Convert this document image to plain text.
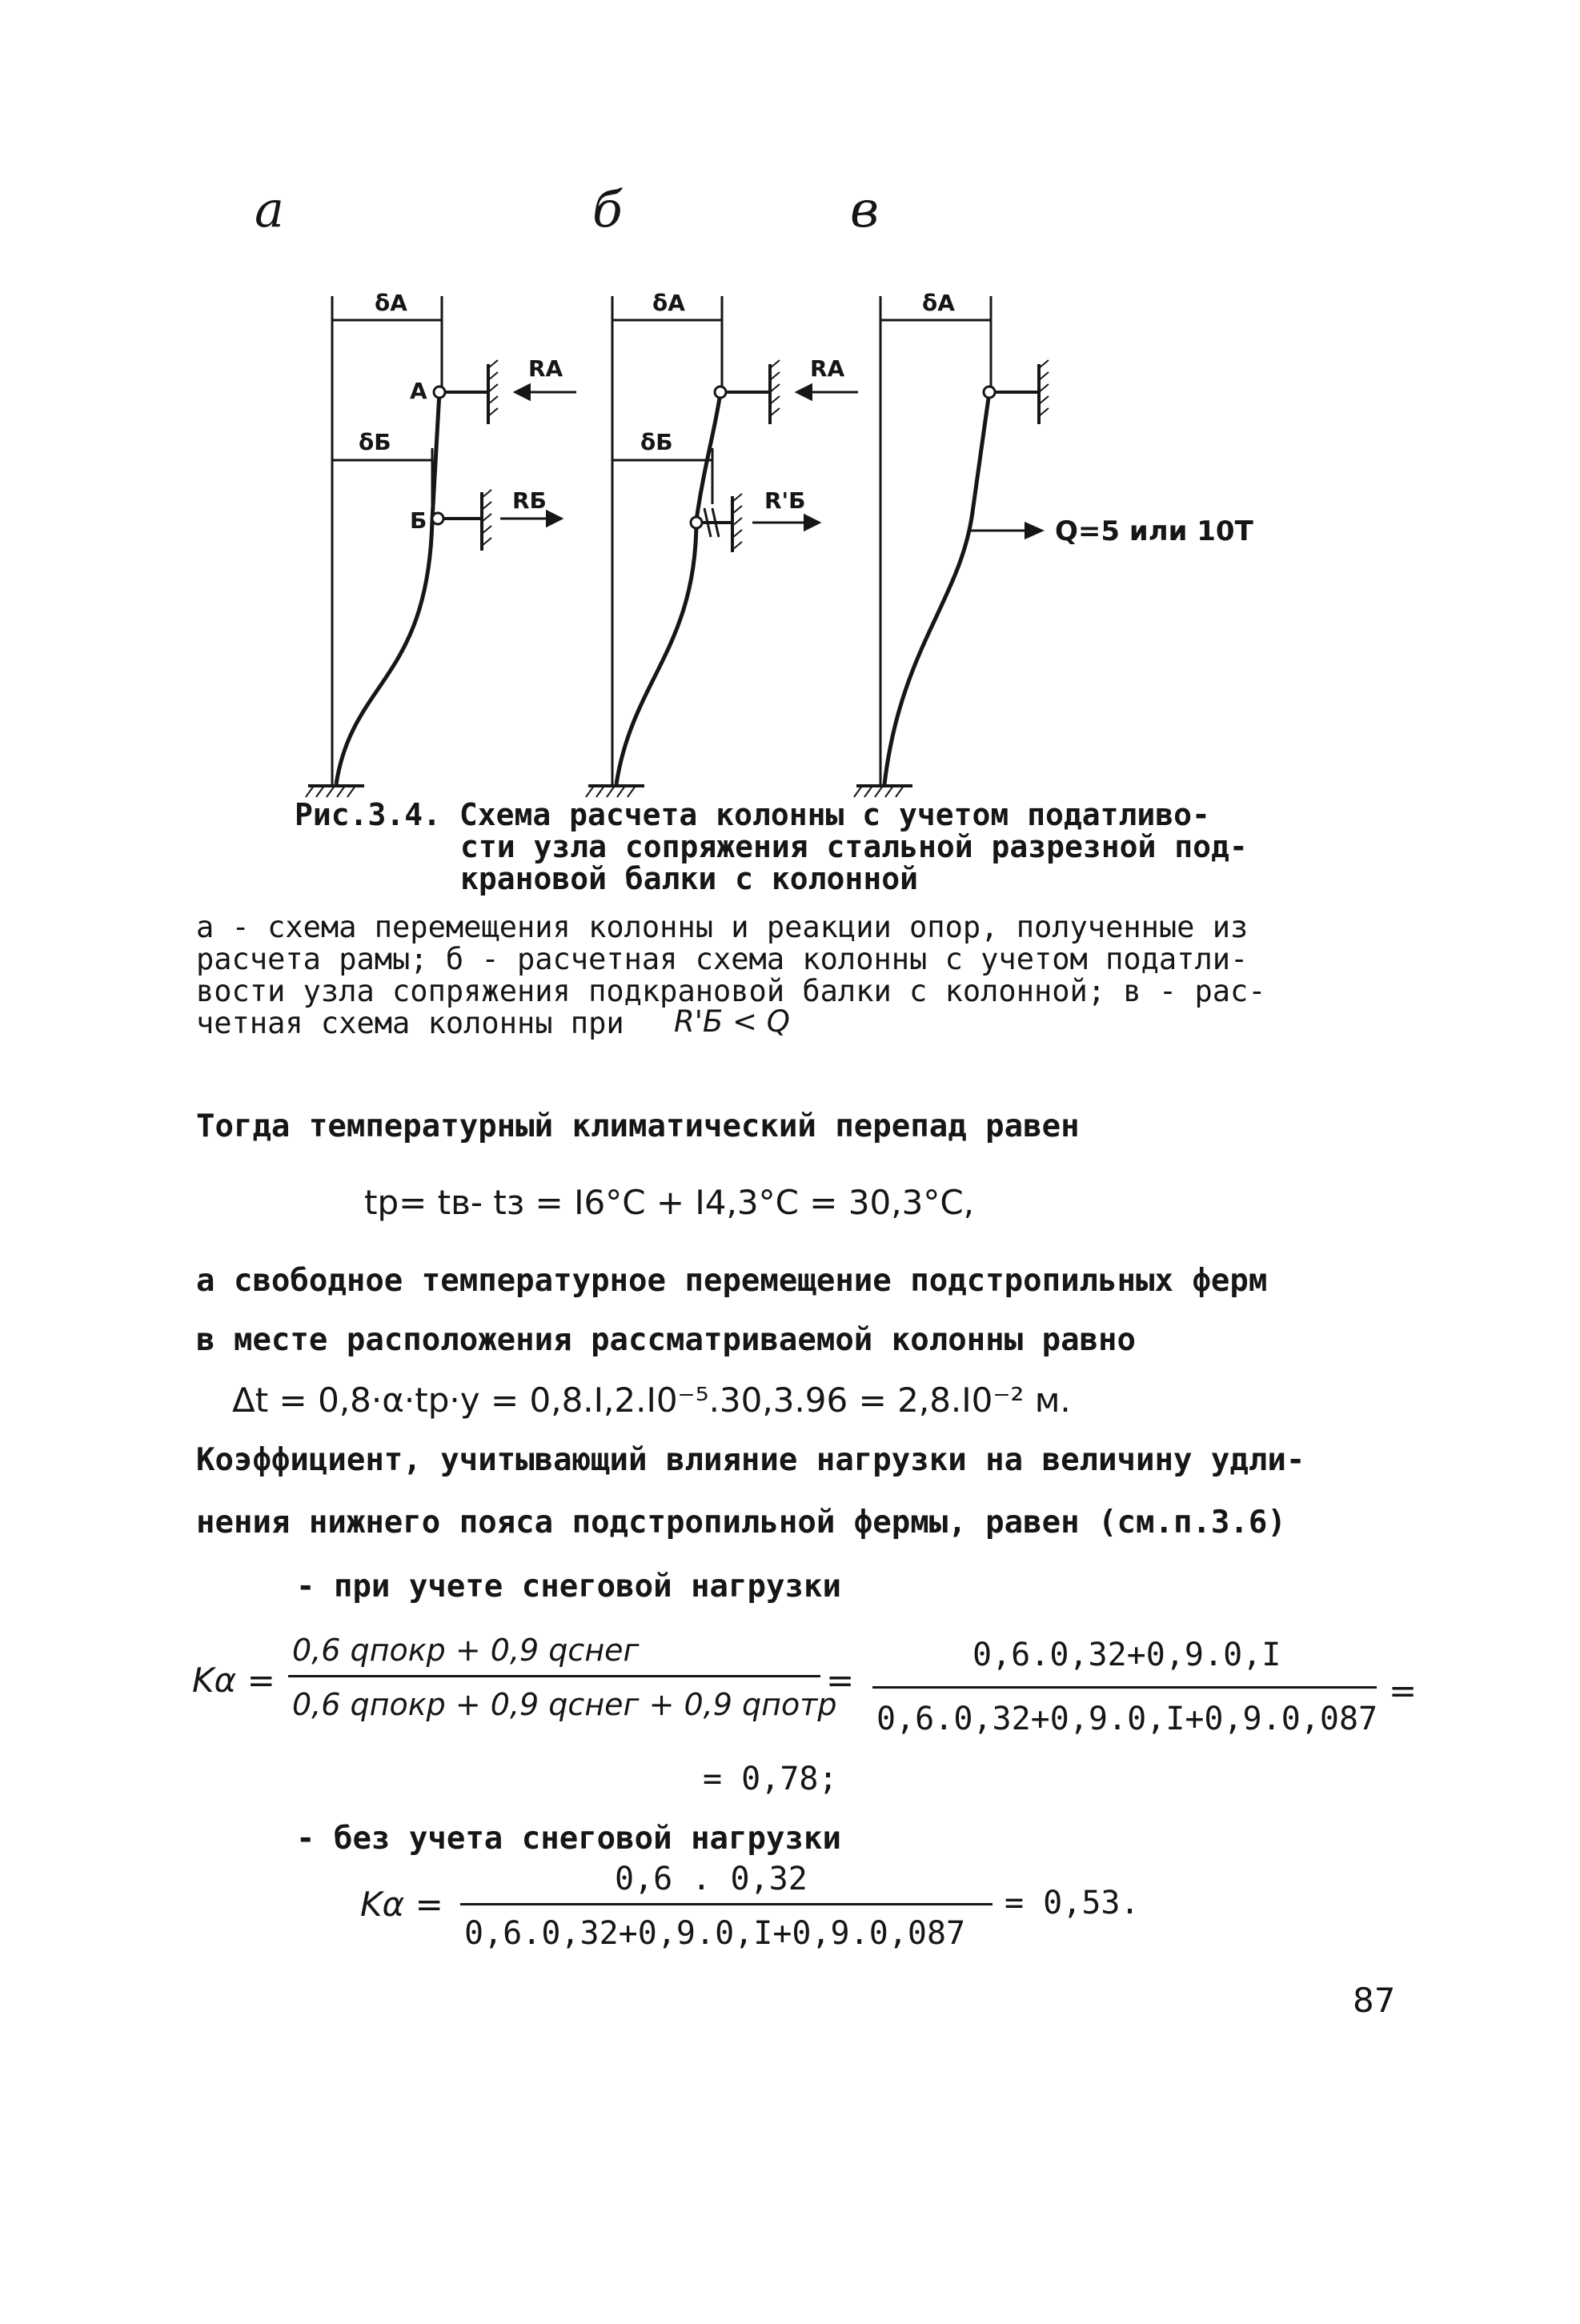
а	б	в
δA
δБ
A
RA
Б
RБ
δA
δБ
RA
R'Б
δA
Q=5 или 10Т
Рис.3.4. Схема расчета колонны с учетом податливо-
сти узла сопряжения стальной разрезной под-
крановой балки с колонной
а - схема перемещения колонны и реакции опор, полученные из
расчета рамы; б - расчетная схема колонны с учетом податли-
вости узла сопряжения подкрановой балки с колонной; в - рас-
четная схема колонны при R'Б < Q
Тогда температурный климатический перепад равен
tp= tв- tз = I6°C + I4,3°C = 30,3°C,
а свободное температурное перемещение подстропильных ферм
в месте расположения рассматриваемой колонны равно
Δt = 0,8·α·tp·y = 0,8.I,2.I0⁻⁵.30,3.96 = 2,8.I0⁻² м.
Коэффициент, учитывающий влияние нагрузки на величину удли-
нения нижнего пояса подстропильной фермы, равен (см.п.3.6)
- при учете снеговой нагрузки
Kα =
0,6 qпокр + 0,9 qснег
0,6 qпокр + 0,9 qснег + 0,9 qпотр
=
0,6.0,32+0,9.0,I
0,6.0,32+0,9.0,I+0,9.0,087
=
= 0,78;
- без учета снеговой нагрузки
Kα =
0,6 . 0,32
0,6.0,32+0,9.0,I+0,9.0,087
= 0,53.
87
